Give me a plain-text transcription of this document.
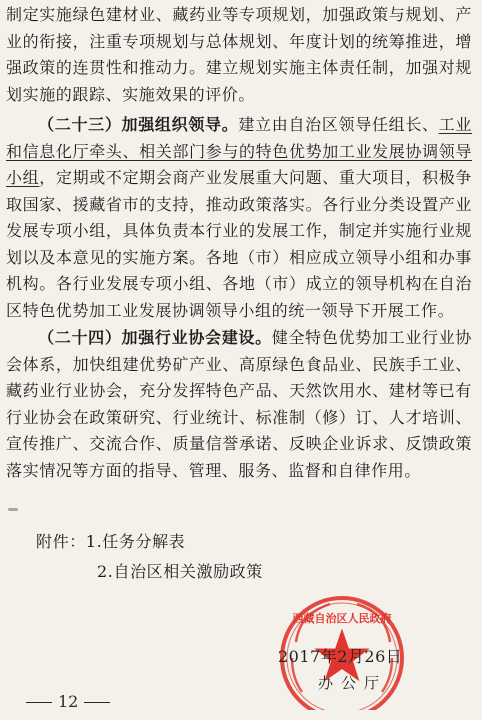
制定实施绿色建材业、藏药业等专项规划，加强政策与规划、产业的衔接，注重专项规划与总体规划、年度计划的统筹推进，增强政策的连贯性和推动力。建立规划实施主体责任制，加强对规划实施的跟踪、实施效果的评价。

（二十三）加强组织领导。建立由自治区领导任组长、工业和信息化厅牵头、相关部门参与的特色优势加工业发展协调领导小组，定期或不定期会商产业发展重大问题、重大项目，积极争取国家、援藏省市的支持，推动政策落实。各行业分类设置产业发展专项小组，具体负责本行业的发展工作，制定并实施行业规划以及本意见的实施方案。各地（市）相应成立领导小组和办事机构。各行业发展专项小组、各地（市）成立的领导机构在自治区特色优势加工业发展协调领导小组的统一领导下开展工作。

（二十四）加强行业协会建设。健全特色优势加工业行业协会体系，加快组建优势矿产业、高原绿色食品业、民族手工业、藏药业行业协会，充分发挥特色产品、天然饮用水、建材等已有行业协会在政策研究、行业统计、标准制（修）订、人才培训、宣传推广、交流合作、质量信誉承诺、反映企业诉求、反馈政策落实情况等方面的指导、管理、服务、监督和自律作用。

附件：1.任务分解表
2.自治区相关激励政策
西藏自治区人民政府
2017年2月26日
办公厅
12
